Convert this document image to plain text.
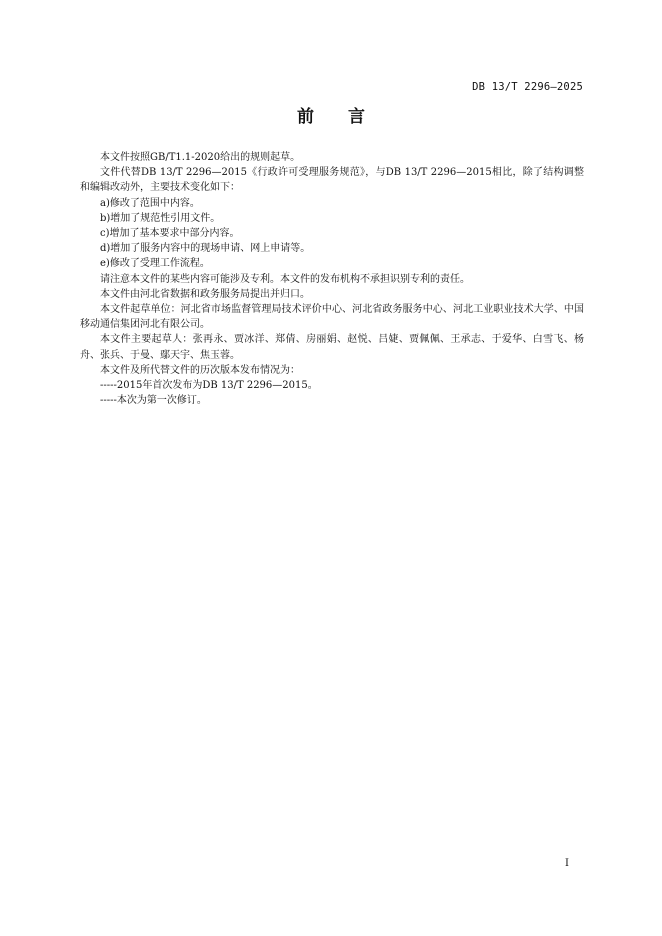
DB 13/T 2296—2025
前 言

本文件按照GB/T1.1-2020给出的规则起草。

文件代替DB 13/T 2296—2015《行政许可受理服务规范》，与DB 13/T 2296—2015相比，除了结构调整和编辑改动外，主要技术变化如下：

a)修改了范围中内容。

b)增加了规范性引用文件。

c)增加了基本要求中部分内容。

d)增加了服务内容中的现场申请、网上申请等。

e)修改了受理工作流程。

请注意本文件的某些内容可能涉及专利。本文件的发布机构不承担识别专利的责任。

本文件由河北省数据和政务服务局提出并归口。

本文件起草单位：河北省市场监督管理局技术评价中心、河北省政务服务中心、河北工业职业技术大学、中国移动通信集团河北有限公司。

本文件主要起草人：张再永、贾冰洋、郑倩、房丽娟、赵悦、吕婕、贾佩佩、王承志、于爱华、白雪飞、杨舟、张兵、于曼、鄢天宇、焦玉蓉。

本文件及所代替文件的历次版本发布情况为：

-----2015年首次发布为DB 13/T 2296—2015。

-----本次为第一次修订。

I
